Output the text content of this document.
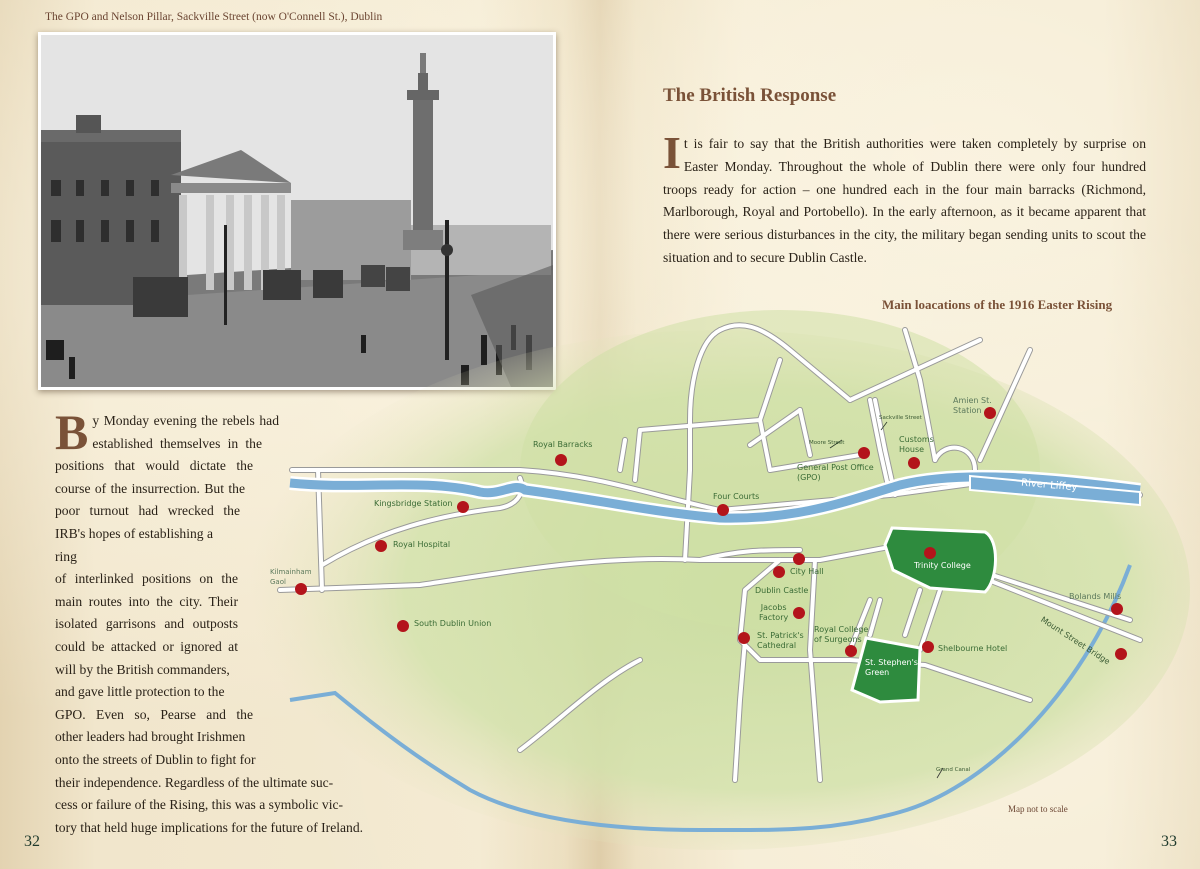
The GPO and Nelson Pillar, Sackville Street (now O'Connell St.), Dublin
B y Monday evening the rebels had

established themselves in the

positions that would dictate the

course of the insurrection. But the

poor turnout had wrecked the

IRB's hopes of establishing a ring

of interlinked positions on the

main routes into the city. Their

isolated garrisons and outposts

could be attacked or ignored at

will by the British commanders,

and gave little protection to the

GPO. Even so, Pearse and the

other leaders had brought Irishmen

onto the streets of Dublin to fight for

their independence. Regardless of the ultimate suc-

cess or failure of the Rising, this was a symbolic vic-

tory that held huge implications for the future of Ireland.

32
Main loacations of the 1916 Easter Rising
Royal Barracks
Kingsbridge Station
Royal Hospital
Kilmainham
Gaol
South Dublin Union
Four Courts
General Post Office
(GPO)
Moore Street
Sackville Street
Customs
House
Amien St.
Station
River Liffey
Trinity College
City Hall
Dublin Castle
Jacobs
Factory
St. Patrick's
Cathedral
Royal College
of Surgeons
St. Stephen's
Green
Shelbourne Hotel
Bolands Mills
Mount Street Bridge
Grand Canal
Map not to scale
The British Response
I t is fair to say that the British authorities were taken completely by surprise on Easter Monday. Throughout the whole of Dublin there were only four hundred troops ready for action – one hundred each in the four main barracks (Richmond, Marlborough, Royal and Portobello). In the early afternoon, as it became apparent that there were serious disturbances in the city, the military began sending units to scout the situation and to secure Dublin Castle.

33
